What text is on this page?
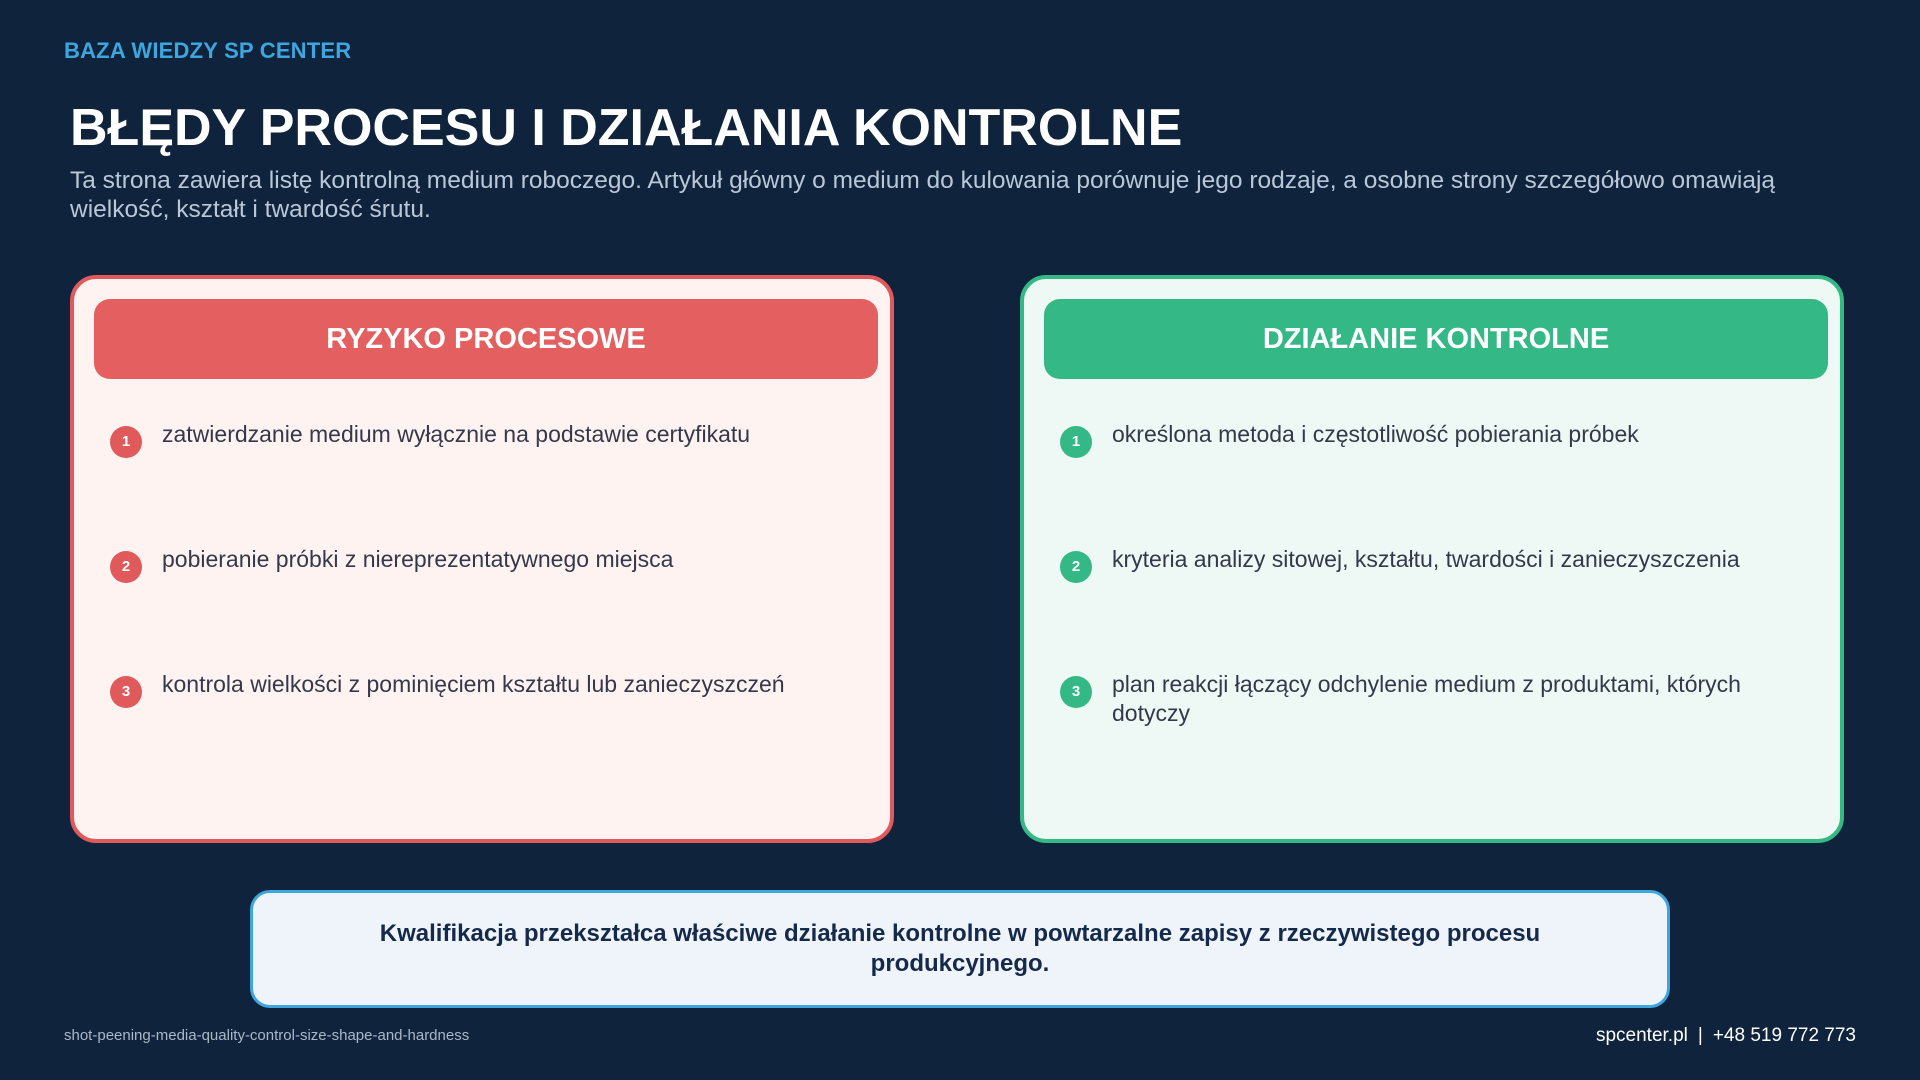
BAZA WIEDZY SP CENTER
BŁĘDY PROCESU I DZIAŁANIA KONTROLNE

Ta strona zawiera listę kontrolną medium roboczego. Artykuł główny o medium do kulowania porównuje jego rodzaje, a osobne strony szczegółowo omawiają wielkość, kształt i twardość śrutu.

RYZYKO PROCESOWE
1	zatwierdzanie medium wyłącznie na podstawie certyfikatu
2	pobieranie próbki z niereprezentatywnego miejsca
3	kontrola wielkości z pominięciem kształtu lub zanieczyszczeń
DZIAŁANIE KONTROLNE
1	określona metoda i częstotliwość pobierania próbek
2	kryteria analizy sitowej, kształtu, twardości i zanieczyszczenia
3	plan reakcji łączący odchylenie medium z produktami, których dotyczy
Kwalifikacja przekształca właściwe działanie kontrolne w powtarzalne zapisy z rzeczywistego procesu produkcyjnego.
shot-peening-media-quality-control-size-shape-and-hardness	spcenter.pl | +48 519 772 773
